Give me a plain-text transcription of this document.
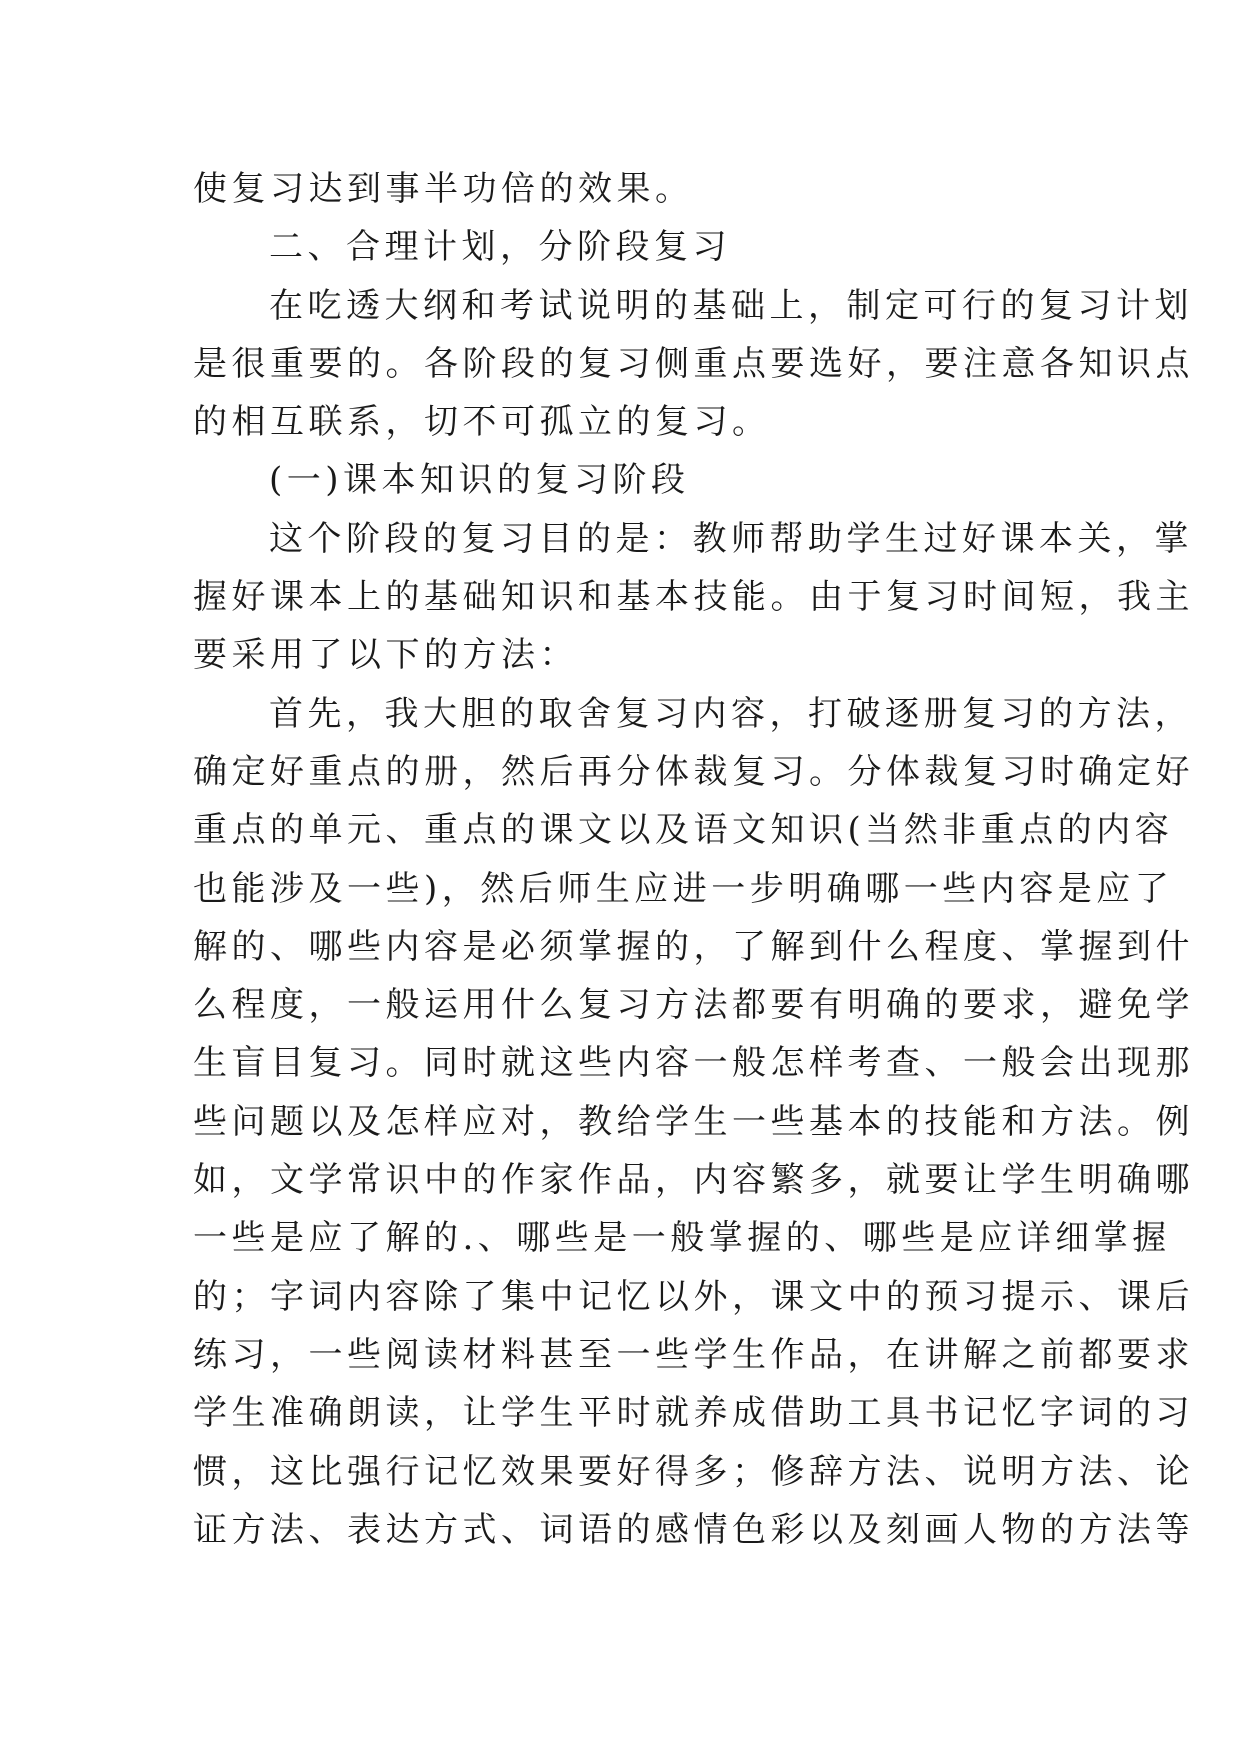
使复习达到事半功倍的效果。
二、合理计划，分阶段复习
在吃透大纲和考试说明的基础上，制定可行的复习计划
是很重要的。各阶段的复习侧重点要选好，要注意各知识点
的相互联系，切不可孤立的复习。
(一)课本知识的复习阶段
这个阶段的复习目的是：教师帮助学生过好课本关，掌
握好课本上的基础知识和基本技能。由于复习时间短，我主
要采用了以下的方法：
首先，我大胆的取舍复习内容，打破逐册复习的方法，
确定好重点的册，然后再分体裁复习。分体裁复习时确定好
重点的单元、重点的课文以及语文知识(当然非重点的内容
也能涉及一些)，然后师生应进一步明确哪一些内容是应了
解的、哪些内容是必须掌握的，了解到什么程度、掌握到什
么程度，一般运用什么复习方法都要有明确的要求，避免学
生盲目复习。同时就这些内容一般怎样考查、一般会出现那
些问题以及怎样应对，教给学生一些基本的技能和方法。例
如，文学常识中的作家作品，内容繁多，就要让学生明确哪
一些是应了解的.、哪些是一般掌握的、哪些是应详细掌握
的；字词内容除了集中记忆以外，课文中的预习提示、课后
练习，一些阅读材料甚至一些学生作品，在讲解之前都要求
学生准确朗读，让学生平时就养成借助工具书记忆字词的习
惯，这比强行记忆效果要好得多；修辞方法、说明方法、论
证方法、表达方式、词语的感情色彩以及刻画人物的方法等
